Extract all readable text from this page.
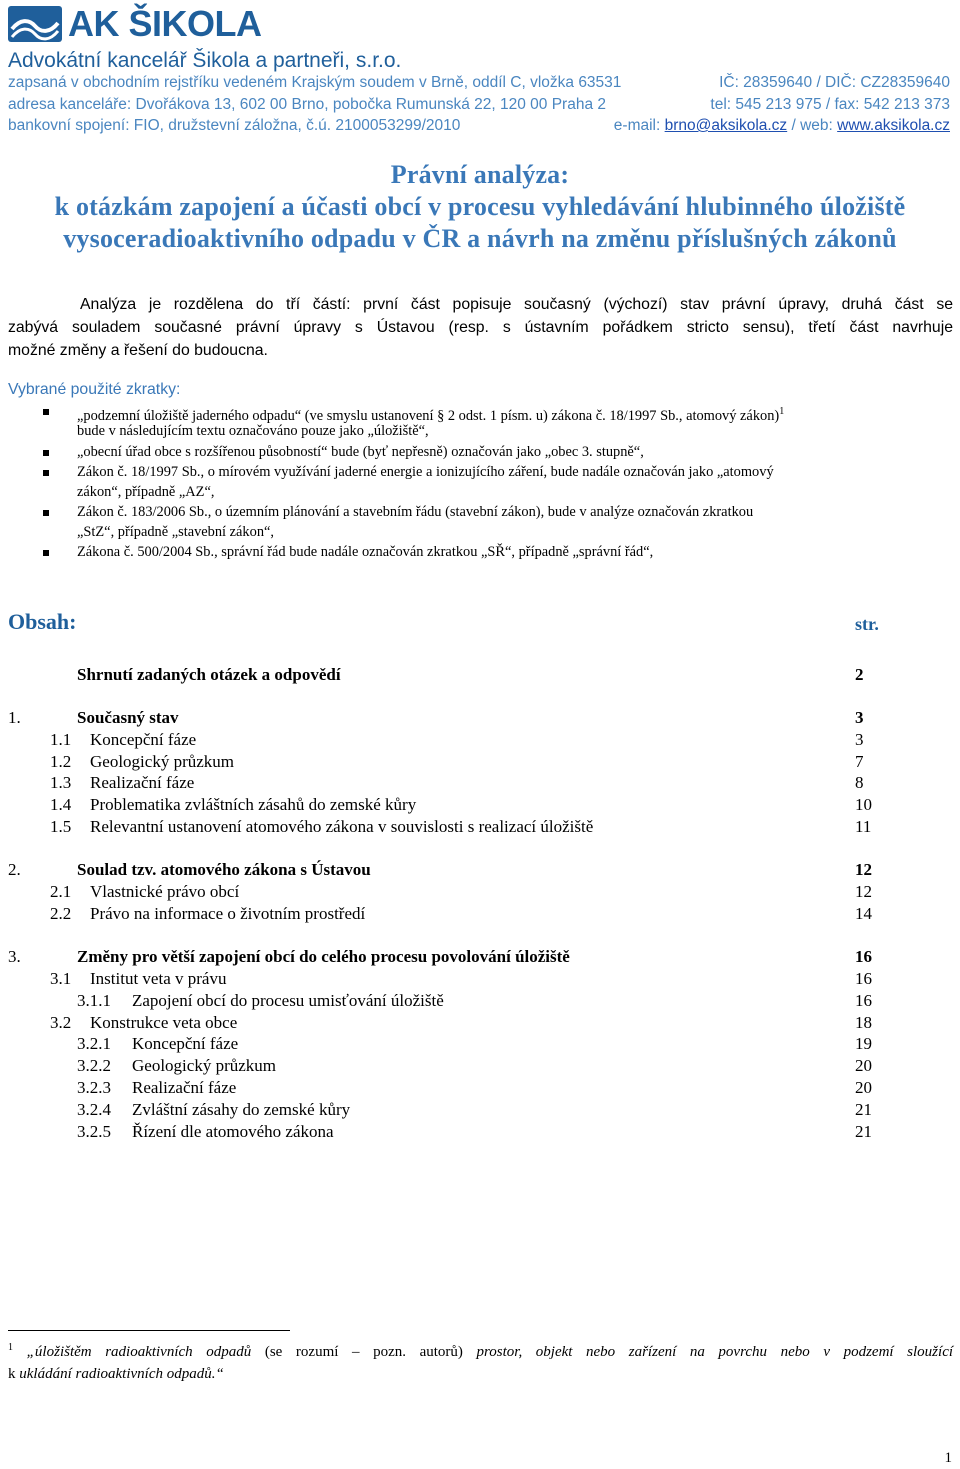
AK ŠIKOLA
Advokátní kancelář Šikola a partneři, s.r.o.
zapsaná v obchodním rejstříku vedeném Krajským soudem v Brně, oddíl C, vložka 63531	IČ: 28359640 / DIČ: CZ28359640
adresa kanceláře: Dvořákova 13, 602 00 Brno, pobočka Rumunská 22, 120 00 Praha 2	tel: 545 213 975 / fax: 542 213 373
bankovní spojení: FIO, družstevní záložna, č.ú. 2100053299/2010	e-mail: brno@aksikola.cz / web: www.aksikola.cz
Právní analýza:
k otázkám zapojení a účasti obcí v procesu vyhledávání hlubinného úložiště
vysoceradioaktivního odpadu v ČR a návrh na změnu příslušných zákonů
Analýza je rozdělena do tří částí: první část popisuje současný (výchozí) stav právní úpravy, druhá část se
zabývá souladem současné právní úpravy s Ústavou (resp. s ústavním pořádkem stricto sensu), třetí část navrhuje
možné změny a řešení do budoucna.
Vybrané použité zkratky:
„podzemní úložiště jaderného odpadu“ (ve smyslu ustanovení § 2 odst. 1 písm. u) zákona č. 18/1997 Sb., atomový zákon)$^1$
bude v následujícím textu označováno pouze jako „úložiště“,
„obecní úřad obce s rozšířenou působností“ bude (byť nepřesně) označován jako „obec 3. stupně“,
Zákon č. 18/1997 Sb., o mírovém využívání jaderné energie a ionizujícího záření, bude nadále označován jako „atomový
zákon“, případně „AZ“,
Zákon č. 183/2006 Sb., o územním plánování a stavebním řádu (stavební zákon), bude v analýze označován zkratkou
„StZ“, případně „stavební zákon“,
Zákona č. 500/2004 Sb., správní řád bude nadále označován zkratkou „SŘ“, případně „správní řád“,
Obsah:	str.
Shrnutí zadaných otázek a odpovědí	2
1.	Současný stav	3
1.1 Koncepční fáze	3
1.2 Geologický průzkum	7
1.3 Realizační fáze	8
1.4 Problematika zvláštních zásahů do zemské kůry	10
1.5 Relevantní ustanovení atomového zákona v souvislosti s realizací úložiště	11
2.	Soulad tzv. atomového zákona s Ústavou	12
2.1 Vlastnické právo obcí	12
2.2 Právo na informace o životním prostředí	14
3.	Změny pro větší zapojení obcí do celého procesu povolování úložiště	16
3.1 Institut veta v právu	16
3.1.1 Zapojení obcí do procesu umisťování úložiště	16
3.2 Konstrukce veta obce	18
3.2.1 Koncepční fáze	19
3.2.2 Geologický průzkum	20
3.2.3 Realizační fáze	20
3.2.4 Zvláštní zásahy do zemské kůry	21
3.2.5 Řízení dle atomového zákona	21
$^1$ „úložištěm radioaktivních odpadů (se rozumí – pozn. autorů) prostor, objekt nebo zařízení na povrchu nebo v podzemí sloužící
k ukládání radioaktivních odpadů.“
1
